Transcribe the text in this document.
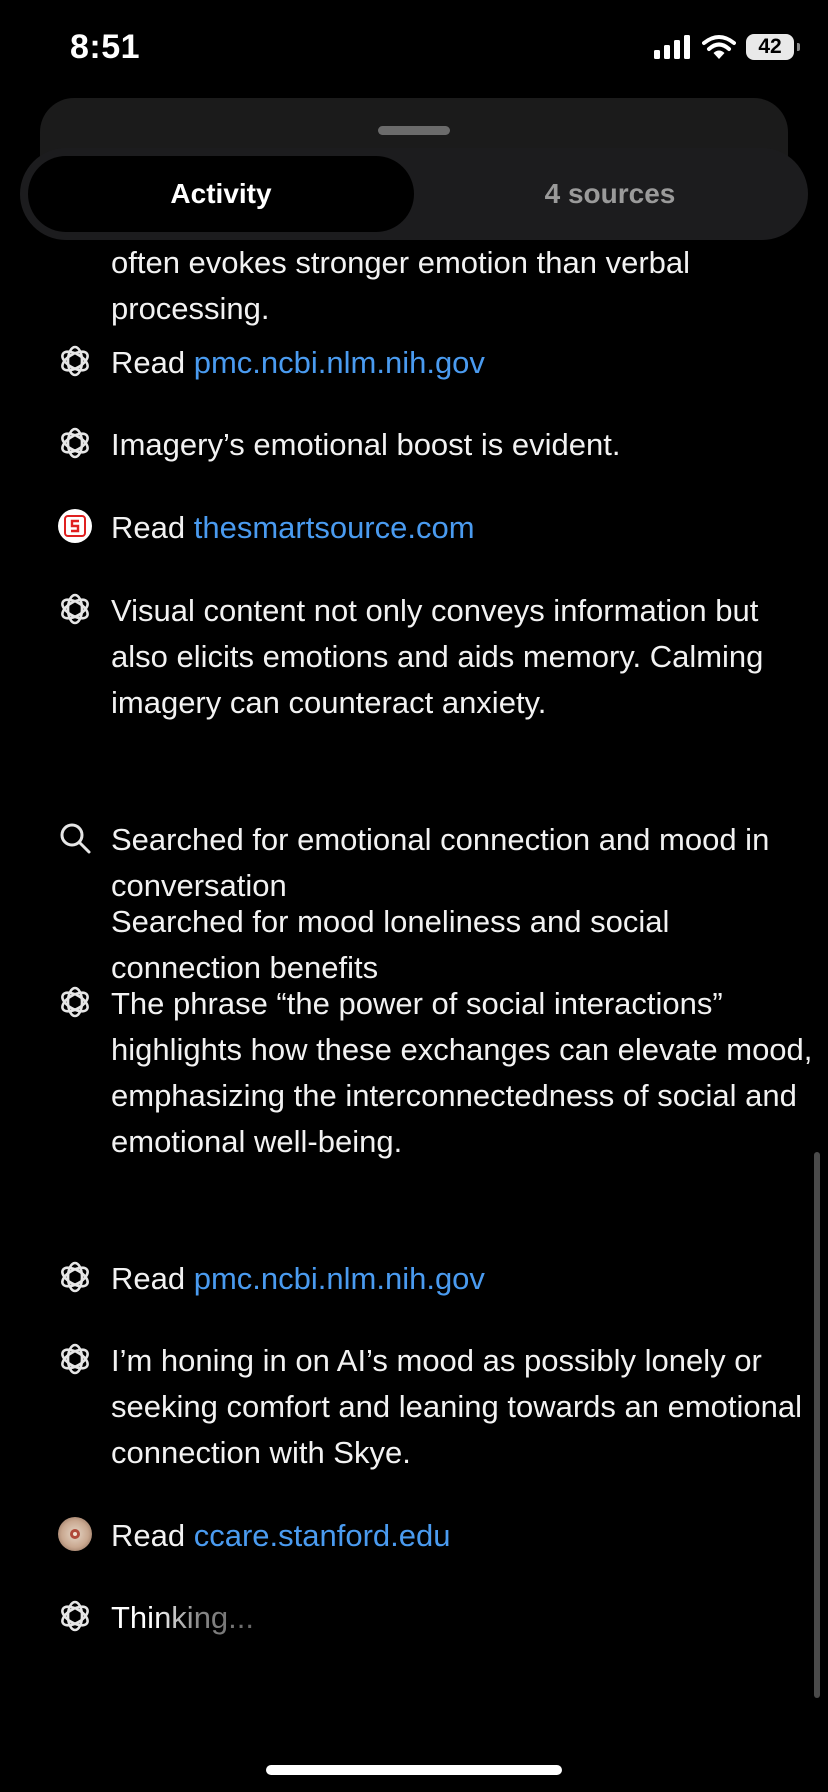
8:51	42
Activity	4 sources
often evokes stronger emotion than verbal processing.
Read pmc.ncbi.nlm.nih.gov
Imagery’s emotional boost is evident.
Read thesmartsource.com
Visual content not only conveys information but also elicits emotions and aids memory. Calming imagery can counteract anxiety.
Searched for emotional connection and mood in conversation
Searched for mood loneliness and social connection benefits
The phrase “the power of social interactions” highlights how these exchanges can elevate mood, emphasizing the interconnectedness of social and emotional well-being.
Read pmc.ncbi.nlm.nih.gov
I’m honing in on AI’s mood as possibly lonely or seeking comfort and leaning towards an emotional connection with Skye.
Read ccare.stanford.edu
Thinking...
